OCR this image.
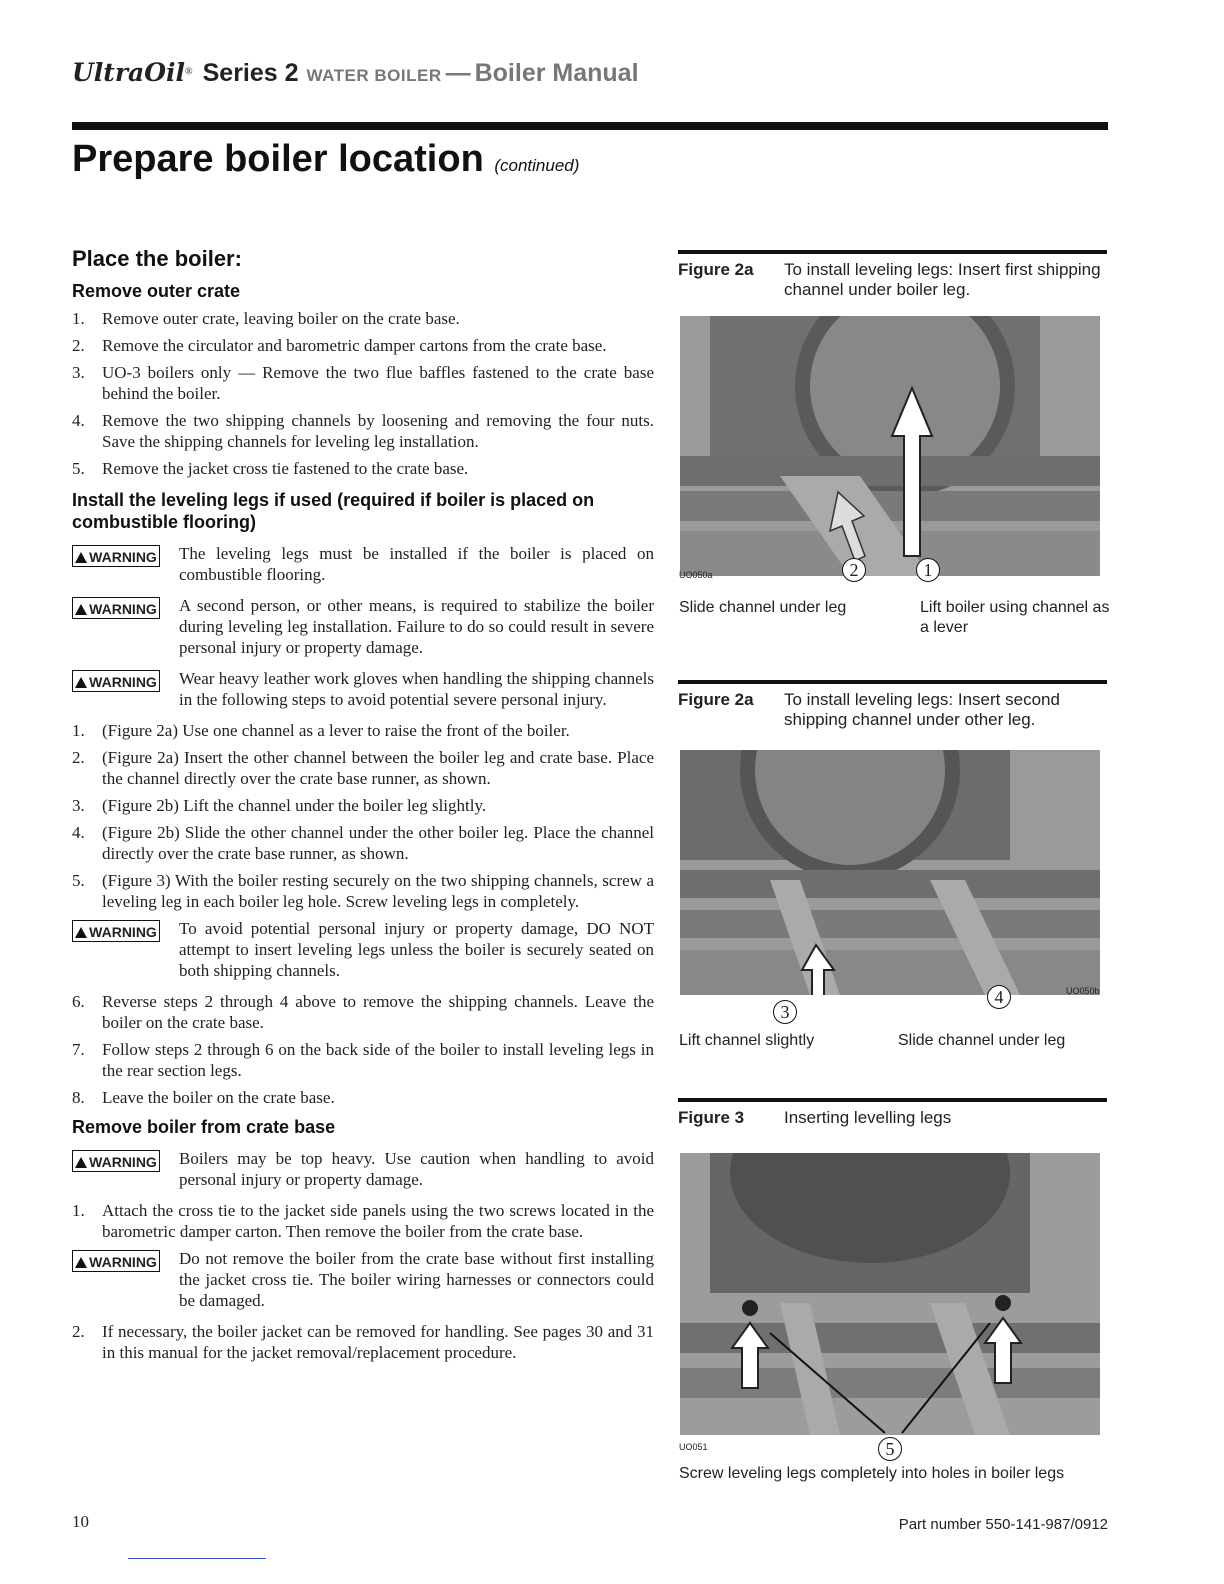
UltraOil® Series 2 WATER BOILER — Boiler Manual
Prepare boiler location (continued)
Place the boiler:
Remove outer crate
1. Remove outer crate, leaving boiler on the crate base.
2. Remove the circulator and barometric damper cartons from the crate base.
3. UO-3 boilers only — Remove the two flue baffles fastened to the crate base behind the boiler.
4. Remove the two shipping channels by loosening and removing the four nuts. Save the shipping channels for leveling leg installation.
5. Remove the jacket cross tie fastened to the crate base.
Install the leveling legs if used (required if boiler is placed on combustible flooring)
WARNING The leveling legs must be installed if the boiler is placed on combustible flooring.
WARNING A second person, or other means, is required to stabilize the boiler during leveling leg installation. Failure to do so could result in severe personal injury or property damage.
WARNING Wear heavy leather work gloves when handling the shipping channels in the following steps to avoid potential severe personal injury.
1. (Figure 2a) Use one channel as a lever to raise the front of the boiler.
2. (Figure 2a) Insert the other channel between the boiler leg and crate base. Place the channel directly over the crate base runner, as shown.
3. (Figure 2b) Lift the channel under the boiler leg slightly.
4. (Figure 2b) Slide the other channel under the other boiler leg. Place the channel directly over the crate base runner, as shown.
5. (Figure 3) With the boiler resting securely on the two shipping channels, screw a leveling leg in each boiler leg hole. Screw leveling legs in completely.
WARNING To avoid potential personal injury or property damage, DO NOT attempt to insert leveling legs unless the boiler is securely seated on both shipping channels.
6. Reverse steps 2 through 4 above to remove the shipping channels. Leave the boiler on the crate base.
7. Follow steps 2 through 6 on the back side of the boiler to install leveling legs in the rear section legs.
8. Leave the boiler on the crate base.
Remove boiler from crate base
WARNING Boilers may be top heavy. Use caution when handling to avoid personal injury or property damage.
1. Attach the cross tie to the jacket side panels using the two screws located in the barometric damper carton. Then remove the boiler from the crate base.
WARNING Do not remove the boiler from the crate base without first installing the jacket cross tie. The boiler wiring harnesses or connectors could be damaged.
2. If necessary, the boiler jacket can be removed for handling. See pages 30 and 31 in this manual for the jacket removal/replacement procedure.
Figure 2a To install leveling legs: Insert first shipping channel under boiler leg.
UO050a	2	1
Slide channel under leg	Lift boiler using channel as a lever
Figure 2a To install leveling legs: Insert second shipping channel under other leg.
UO050b
4
3
Lift channel slightly	Slide channel under leg
Figure 3 Inserting levelling legs
UO051	5
Screw leveling legs completely into holes in boiler legs
10	Part number 550-141-987/0912
